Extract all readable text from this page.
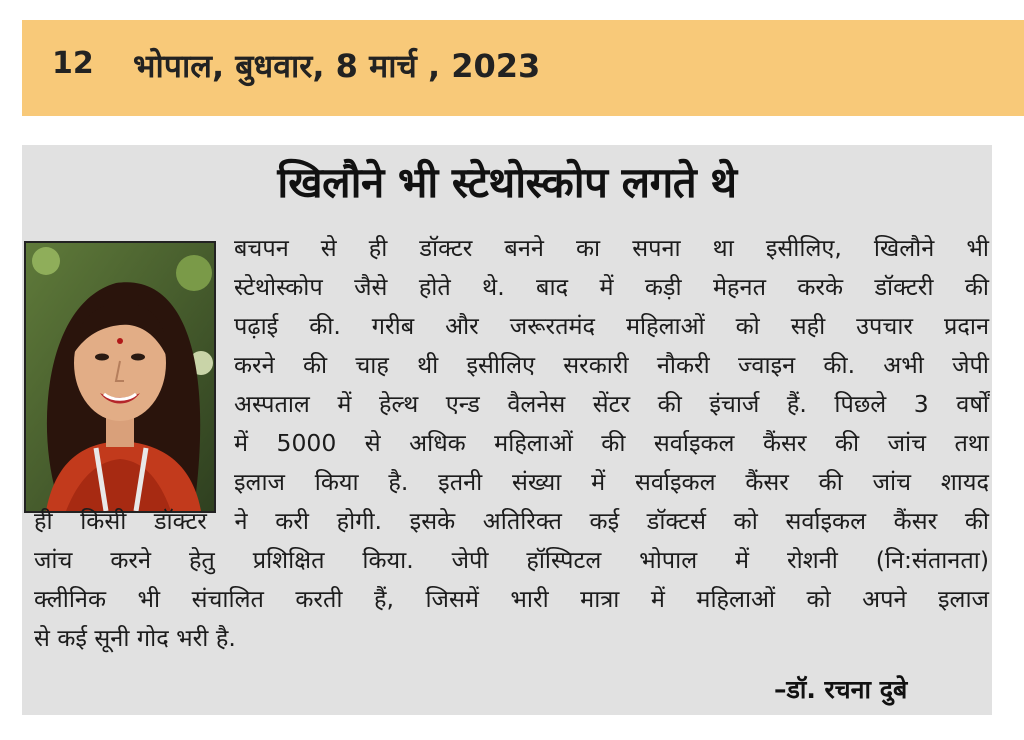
12 भोपाल, बुधवार, 8 मार्च , 2023
खिलौने भी स्टेथोस्कोप लगते थे
बचपन से ही डॉक्टर बनने का सपना था इसीलिए, खिलौने भी
स्टेथोस्कोप जैसे होते थे. बाद में कड़ी मेहनत करके डॉक्टरी की
पढ़ाई की. गरीब और जरूरतमंद महिलाओं को सही उपचार प्रदान
करने की चाह थी इसीलिए सरकारी नौकरी ज्वाइन की. अभी जेपी
अस्पताल में हेल्थ एन्ड वैलनेस सेंटर की इंचार्ज हैं. पिछले 3 वर्षों
में 5000 से अधिक महिलाओं की सर्वाइकल कैंसर की जांच तथा
इलाज किया है. इतनी संख्या में सर्वाइकल कैंसर की जांच शायद
ही किसी डॉक्टर ने करी होगी. इसके अतिरिक्त कई डॉक्टर्स को सर्वाइकल कैंसर की
जांच करने हेतु प्रशिक्षित किया. जेपी हॉस्पिटल भोपाल में रोशनी (नि:संतानता)
क्लीनिक भी संचालित करती हैं, जिसमें भारी मात्रा में महिलाओं को अपने इलाज
से कई सूनी गोद भरी है.
–डॉ. रचना दुबे
